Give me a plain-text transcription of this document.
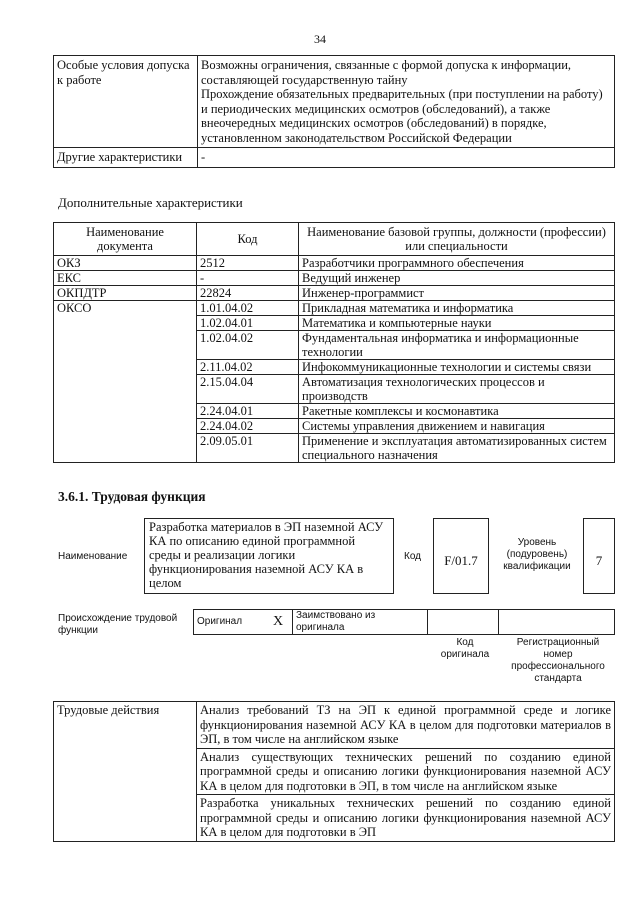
34
Особые условия допуска к работе	Возможны ограничения, связанные с формой допуска к информации, составляющей государственную тайну
Прохождение обязательных предварительных (при поступлении на работу) и периодических медицинских осмотров (обследований), а также внеочередных медицинских осмотров (обследований) в порядке, установленном законодательством Российской Федерации

Другие характеристики	-
Дополнительные характеристики
Наименование документа	Код	Наименование базовой группы, должности (профессии) или специальности
ОКЗ	2512	Разработчики программного обеспечения
ЕКС	-	Ведущий инженер
ОКПДТР	22824	Инженер-программист
ОКСО	1.01.04.02	Прикладная математика и информатика
	1.02.04.01	Математика и компьютерные науки
	1.02.04.02	Фундаментальная информатика и информационные технологии
	2.11.04.02	Инфокоммуникационные технологии и системы связи
	2.15.04.04	Автоматизация технологических процессов и производств
	2.24.04.01	Ракетные комплексы и космонавтика
	2.24.04.02	Системы управления движением и навигация
	2.09.05.01	Применение и эксплуатация автоматизированных систем специального назначения
3.6.1. Трудовая функция
Наименование
Разработка материалов в ЭП наземной АСУ КА по описанию единой программной среды и реализации логики функционирования наземной АСУ КА в целом
Код	F/01.7
Уровень (подуровень) квалификации	7
Происхождение трудовой функции
Оригинал	X	Заимствовано из оригинала		
Код оригинала
Регистрационный номер профессионального стандарта
Трудовые действия	Анализ требований ТЗ на ЭП к единой программной среде и логике функционирования наземной АСУ КА в целом для подготовки материалов в ЭП, в том числе на английском языке
Анализ существующих технических решений по созданию единой программной среды и описанию логики функционирования наземной АСУ КА в целом для подготовки в ЭП, в том числе на английском языке
Разработка уникальных технических решений по созданию единой программной среды и описанию логики функционирования наземной АСУ КА в целом для подготовки в ЭП
